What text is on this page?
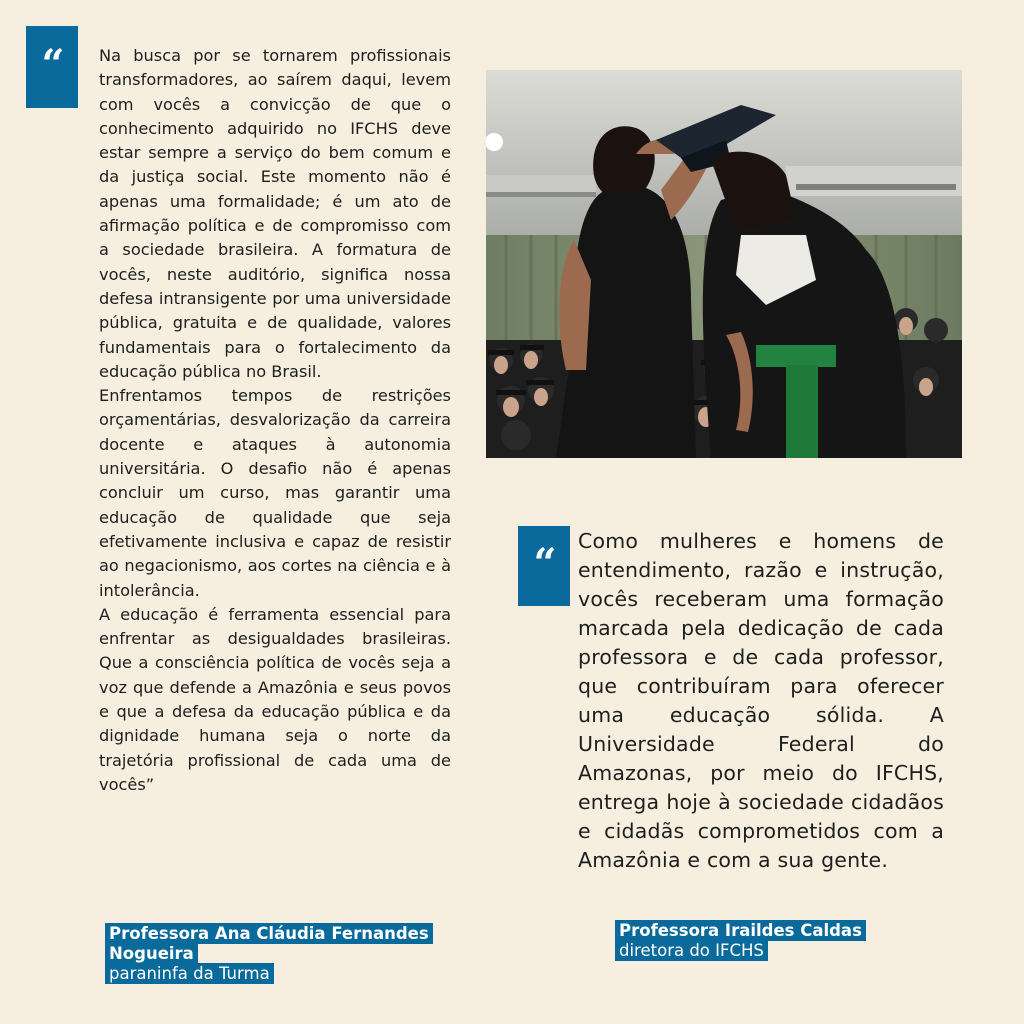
“ Na busca por se tornarem profissionais transformadores, ao saírem daqui, levem com vocês a convicção de que o conhecimento adquirido no IFCHS deve estar sempre a serviço do bem comum e da justiça social. Este momento não é apenas uma formalidade; é um ato de afirmação política e de compromisso com a sociedade brasileira. A formatura de vocês, neste auditório, significa nossa defesa intransigente por uma universidade pública, gratuita e de qualidade, valores fundamentais para o fortalecimento da educação pública no Brasil.

Enfrentamos tempos de restrições orçamentárias, desvalorização da carreira docente e ataques à autonomia universitária. O desafio não é apenas concluir um curso, mas garantir uma educação de qualidade que seja efetivamente inclusiva e capaz de resistir ao negacionismo, aos cortes na ciência e à intolerância.

A educação é ferramenta essencial para enfrentar as desigualdades brasileiras. Que a consciência política de vocês seja a voz que defende a Amazônia e seus povos e que a defesa da educação pública e da dignidade humana seja o norte da trajetória profissional de cada uma de vocês”

Professora Ana Cláudia Fernandes Nogueira
paraninfa da Turma
“ Como mulheres e homens de entendimento, razão e instrução, vocês receberam uma formação marcada pela dedicação de cada professora e de cada professor, que contribuíram para oferecer uma educação sólida. A Universidade Federal do Amazonas, por meio do IFCHS, entrega hoje à sociedade cidadãos e cidadãs comprometidos com a Amazônia e com a sua gente.
Professora Iraildes Caldas
diretora do IFCHS
